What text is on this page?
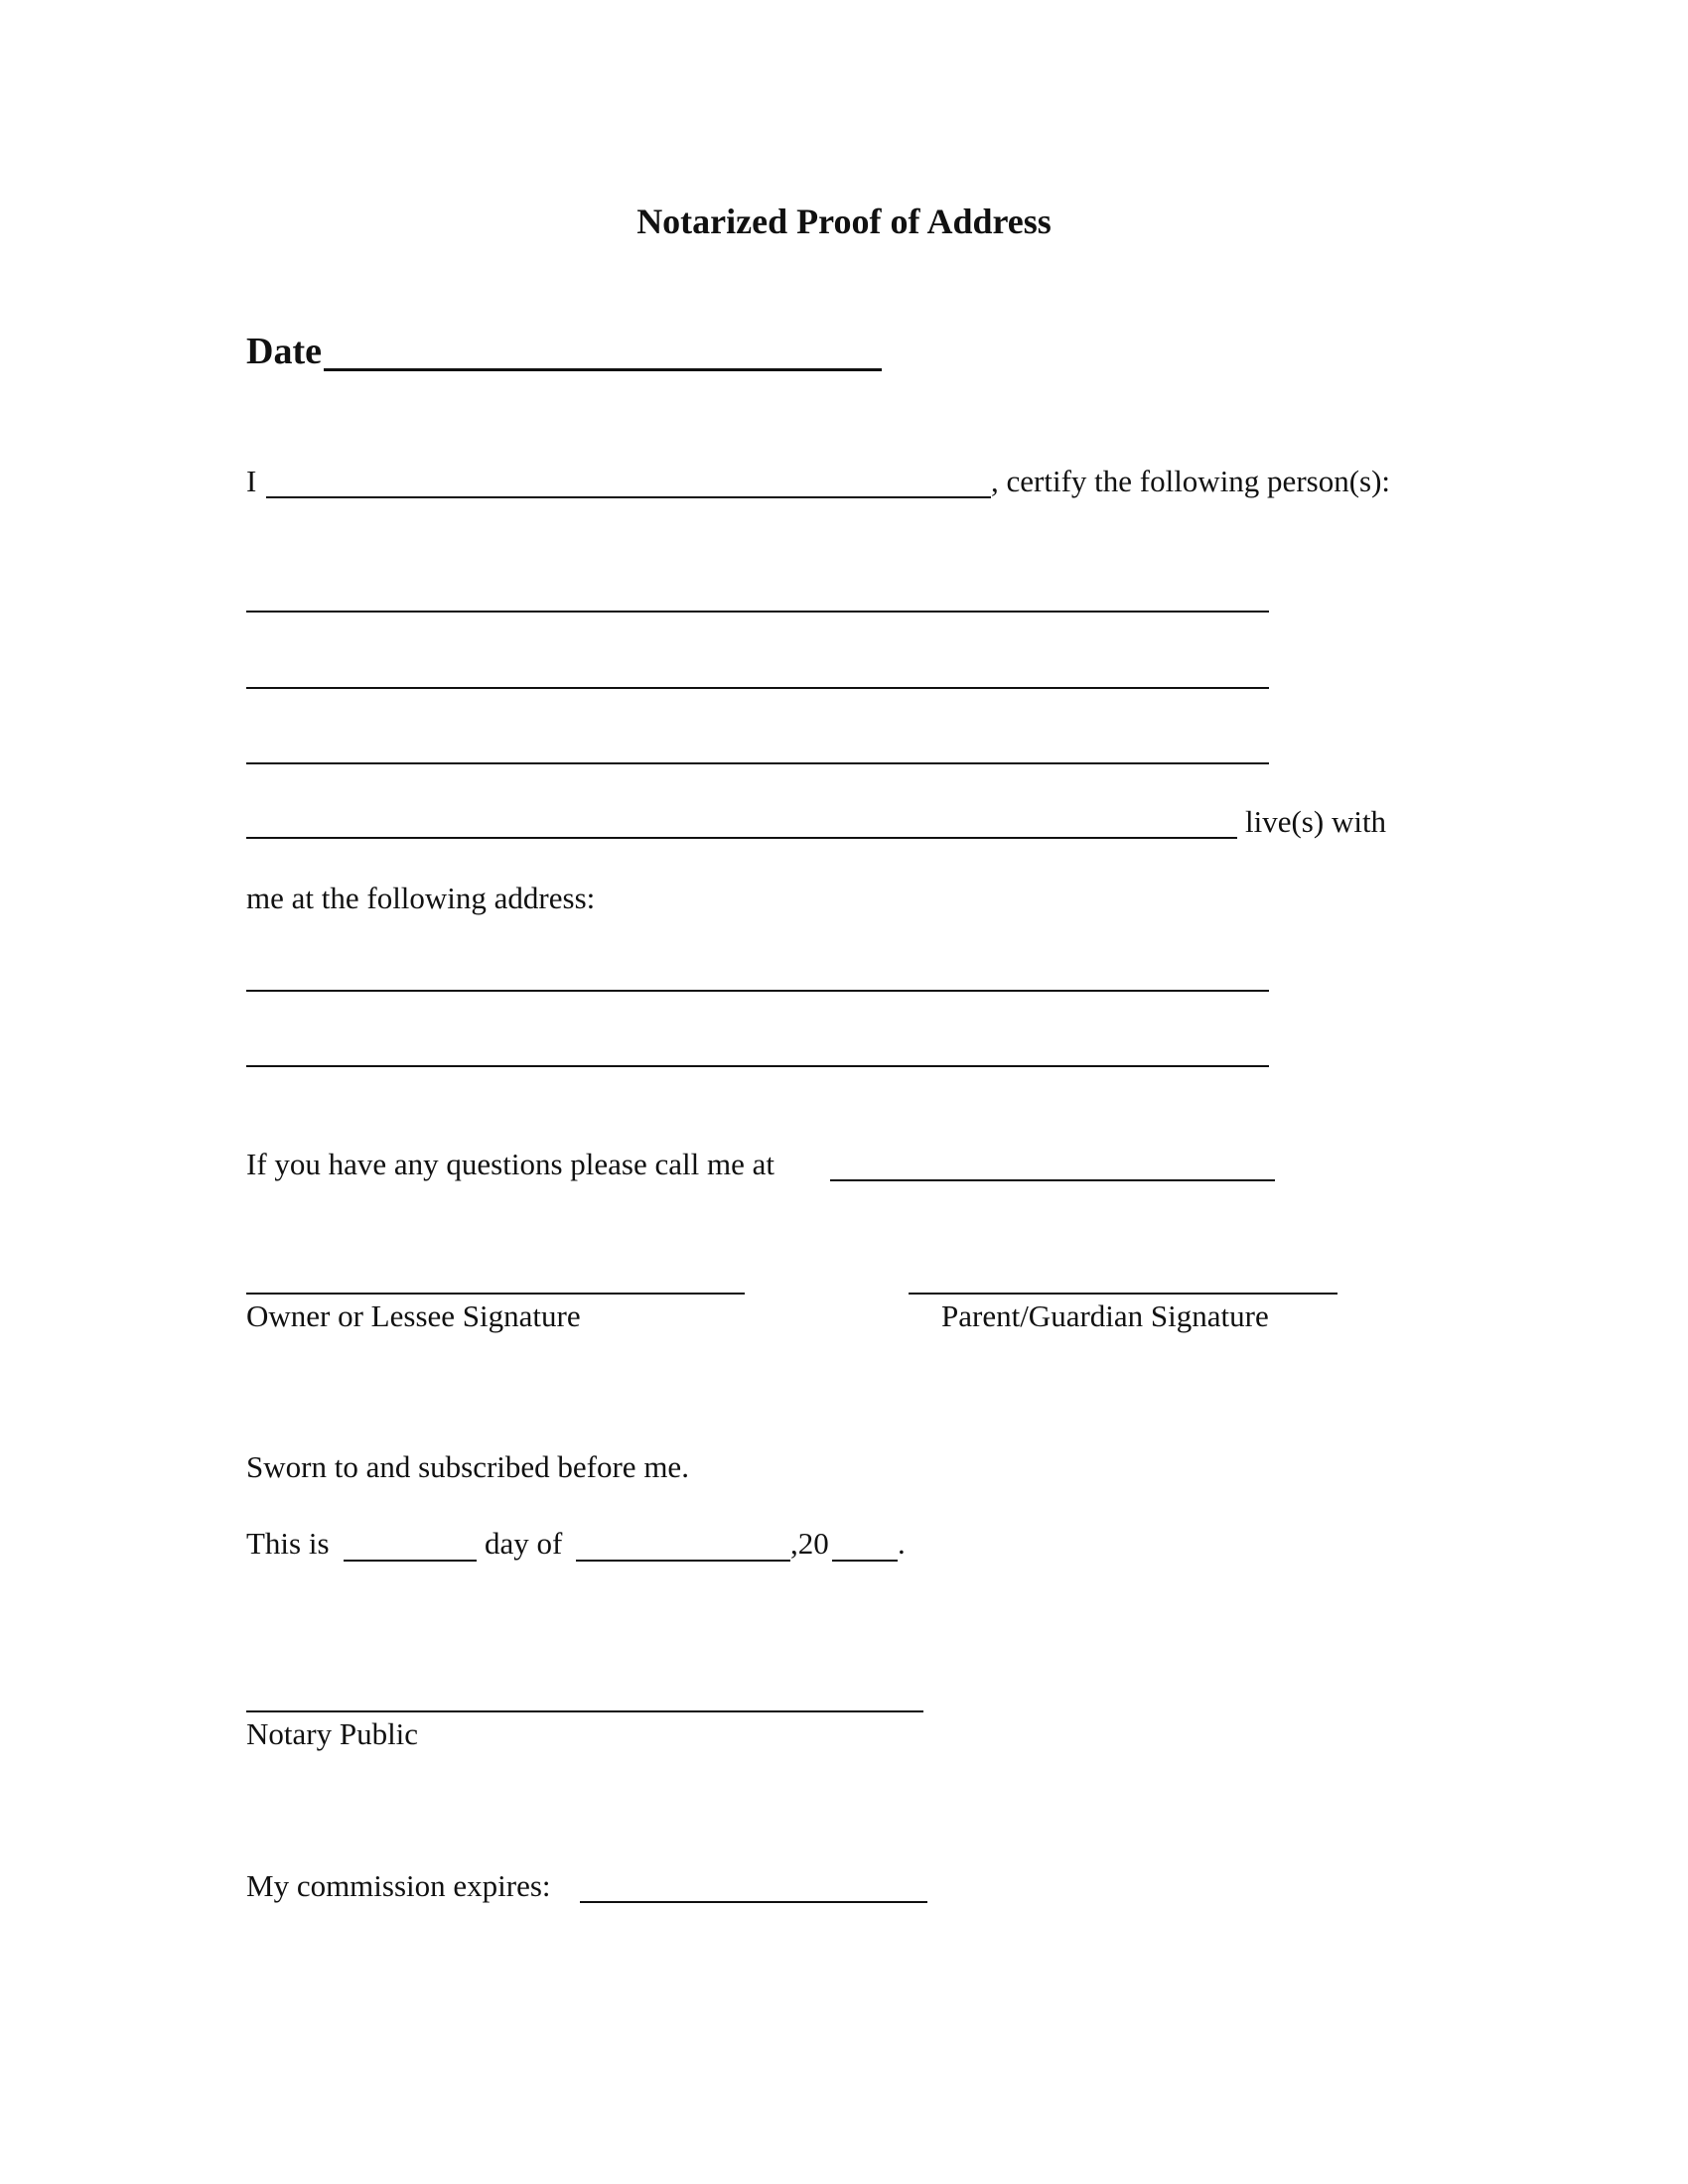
Notarized Proof of Address
Date
I	, certify the following person(s):
live(s) with
me at the following address:
If you have any questions please call me at
Owner or Lessee Signature	Parent/Guardian Signature
Sworn to and subscribed before me.
This is	day of	,20 .
Notary Public
My commission expires:
